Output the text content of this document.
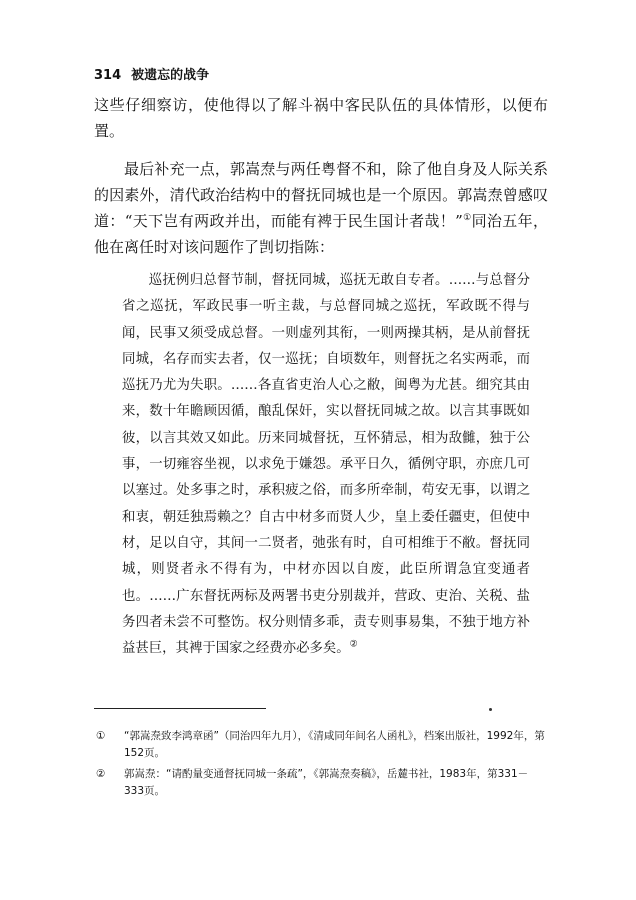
314 被遗忘的战争

这些仔细察访，使他得以了解斗祸中客民队伍的具体情形，以便布置。

最后补充一点，郭嵩焘与两任粤督不和，除了他自身及人际关系的因素外，清代政治结构中的督抚同城也是一个原因。郭嵩焘曾感叹道：“天下岂有两政并出，而能有裨于民生国计者哉！”①同治五年，他在离任时对该问题作了剀切指陈：

巡抚例归总督节制，督抚同城，巡抚无敢自专者。……与总督分省之巡抚，军政民事一听主裁，与总督同城之巡抚，军政既不得与闻，民事又须受成总督。一则虚列其衔，一则两操其柄，是从前督抚同城，名存而实去者，仅一巡抚；自顷数年，则督抚之名实两乖，而巡抚乃尤为失职。……各直省吏治人心之敝，闽粤为尤甚。细究其由来，数十年瞻顾因循，酿乱保奸，实以督抚同城之故。以言其事既如彼，以言其效又如此。历来同城督抚，互怀猜忌，相为敌雠，独于公事，一切雍容坐视，以求免于嫌怨。承平日久，循例守职，亦庶几可以塞过。处多事之时，承积疲之俗，而多所牵制，苟安无事，以谓之和衷，朝廷独焉赖之？自古中材多而贤人少，皇上委任疆吏，但使中材，足以自守，其间一二贤者，弛张有时，自可相维于不敝。督抚同城，则贤者永不得有为，中材亦因以自废，此臣所谓急宜变通者也。……广东督抚两标及两署书吏分别裁并，营政、吏治、关税、盐务四者未尝不可整饬。权分则情多乖，责专则事易集，不独于地方补益甚巨，其裨于国家之经费亦必多矣。②

① “郭嵩焘致李鸿章函”（同治四年九月），《清咸同年间名人函札》，档案出版社，1992年，第152页。
② 郭嵩焘：“请酌量变通督抚同城一条疏”，《郭嵩焘奏稿》，岳麓书社，1983年，第331－333页。
